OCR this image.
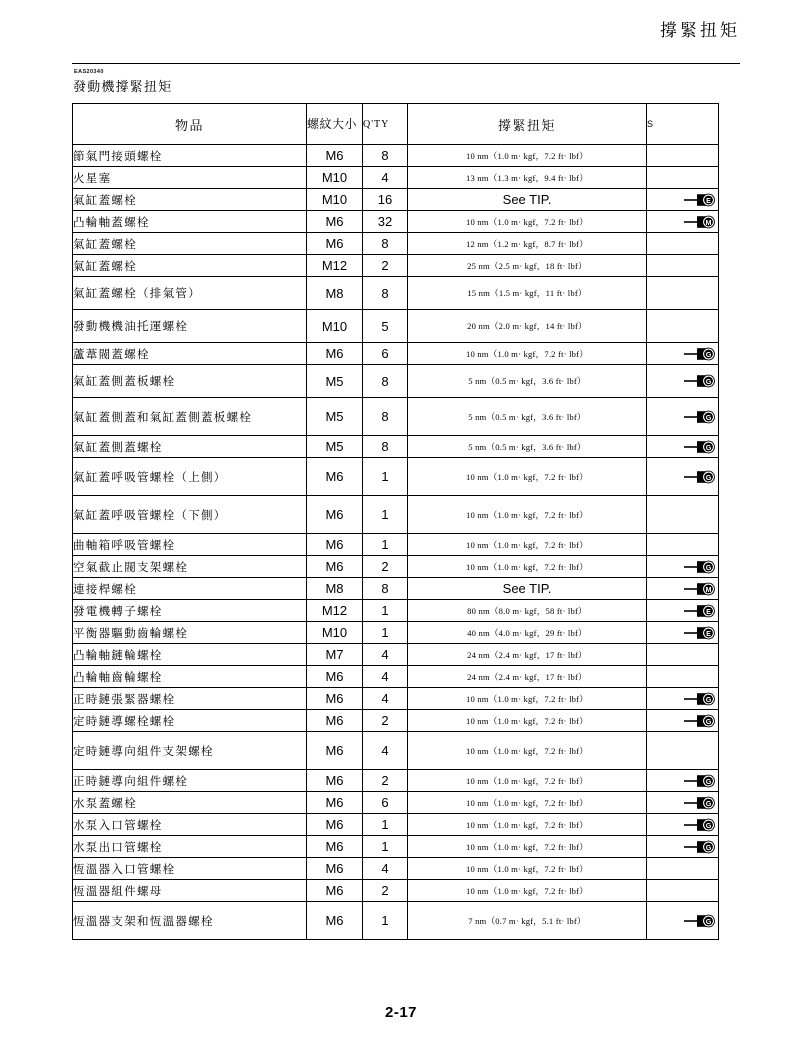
撐緊扭矩
EAS20340
發動機撐緊扭矩
物品	螺紋大小	Q'TY	撐緊扭矩	S
節氣門接頭螺栓	M6	8	10 nm（1.0 m· kgf，7.2 ft· lbf）	
火星塞	M10	4	13 nm（1.3 m· kgf，9.4 ft· lbf）	
氣缸蓋螺栓	M10	16	See TIP.	E

凸輪軸蓋螺栓	M6	32	10 nm（1.0 m· kgf，7.2 ft· lbf）	M

氣缸蓋螺栓	M6	8	12 nm（1.2 m· kgf，8.7 ft· lbf）	
氣缸蓋螺栓	M12	2	25 nm（2.5 m· kgf，18 ft· lbf）	
氣缸蓋螺栓（排氣管）	M8	8	15 nm（1.5 m· kgf，11 ft· lbf）	
發動機機油托運螺栓	M10	5	20 nm（2.0 m· kgf，14 ft· lbf）	
蘆葦閥蓋螺栓	M6	6	10 nm（1.0 m· kgf，7.2 ft· lbf）	G

氣缸蓋側蓋板螺栓	M5	8	5 nm（0.5 m· kgf，3.6 ft· lbf）	G

氣缸蓋側蓋和氣缸蓋側蓋板螺栓	M5	8	5 nm（0.5 m· kgf，3.6 ft· lbf）	G

氣缸蓋側蓋螺栓	M5	8	5 nm（0.5 m· kgf，3.6 ft· lbf）	G

氣缸蓋呼吸管螺栓（上側）	M6	1	10 nm（1.0 m· kgf，7.2 ft· lbf）	G

氣缸蓋呼吸管螺栓（下側）	M6	1	10 nm（1.0 m· kgf，7.2 ft· lbf）	
曲軸箱呼吸管螺栓	M6	1	10 nm（1.0 m· kgf，7.2 ft· lbf）	
空氣截止閥支架螺栓	M6	2	10 nm（1.0 m· kgf，7.2 ft· lbf）	G

連接桿螺栓	M8	8	See TIP.	M

發電機轉子螺栓	M12	1	80 nm（8.0 m· kgf，58 ft· lbf）	E

平衡器驅動齒輪螺栓	M10	1	40 nm（4.0 m· kgf，29 ft· lbf）	E

凸輪軸鏈輪螺栓	M7	4	24 nm（2.4 m· kgf，17 ft· lbf）	
凸輪軸齒輪螺栓	M6	4	24 nm（2.4 m· kgf，17 ft· lbf）	
正時鏈張緊器螺栓	M6	4	10 nm（1.0 m· kgf，7.2 ft· lbf）	G

定時鏈導螺栓螺栓	M6	2	10 nm（1.0 m· kgf，7.2 ft· lbf）	G

定時鏈導向組件支架螺栓	M6	4	10 nm（1.0 m· kgf，7.2 ft· lbf）	
正時鏈導向組件螺栓	M6	2	10 nm（1.0 m· kgf，7.2 ft· lbf）	G

水泵蓋螺栓	M6	6	10 nm（1.0 m· kgf，7.2 ft· lbf）	G

水泵入口管螺栓	M6	1	10 nm（1.0 m· kgf，7.2 ft· lbf）	G

水泵出口管螺栓	M6	1	10 nm（1.0 m· kgf，7.2 ft· lbf）	G

恆溫器入口管螺栓	M6	4	10 nm（1.0 m· kgf，7.2 ft· lbf）	
恆溫器組件螺母	M6	2	10 nm（1.0 m· kgf，7.2 ft· lbf）	
恆溫器支架和恆溫器螺栓	M6	1	7 nm（0.7 m· kgf，5.1 ft· lbf）	G
2-17
